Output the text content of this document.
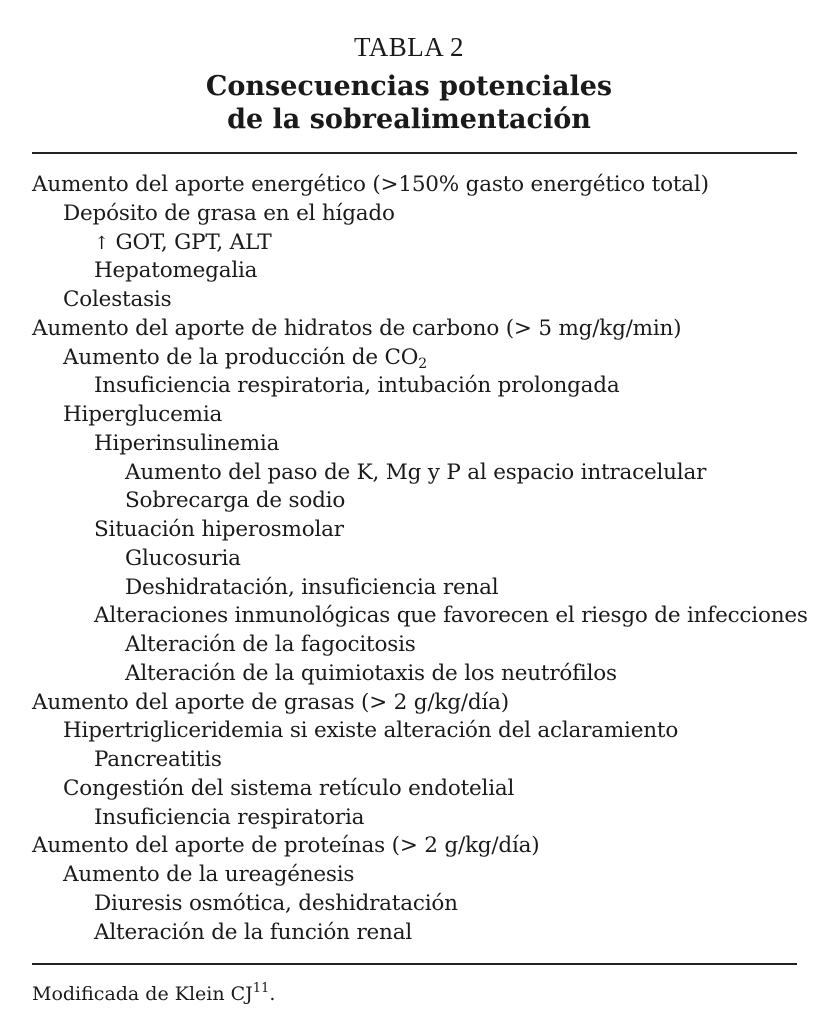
TABLA 2
Consecuencias potenciales
de la sobrealimentación
Aumento del aporte energético (>150% gasto energético total)
Depósito de grasa en el hígado
↑ GOT, GPT, ALT
Hepatomegalia
Colestasis
Aumento del aporte de hidratos de carbono (> 5 mg/kg/min)
Aumento de la producción de $CO_2$
Insuficiencia respiratoria, intubación prolongada
Hiperglucemia
Hiperinsulinemia
Aumento del paso de K, Mg y P al espacio intracelular
Sobrecarga de sodio
Situación hiperosmolar
Glucosuria
Deshidratación, insuficiencia renal
Alteraciones inmunológicas que favorecen el riesgo de infecciones
Alteración de la fagocitosis
Alteración de la quimiotaxis de los neutrófilos
Aumento del aporte de grasas (> 2 g/kg/día)
Hipertrigliceridemia si existe alteración del aclaramiento
Pancreatitis
Congestión del sistema retículo endotelial
Insuficiencia respiratoria
Aumento del aporte de proteínas (> 2 g/kg/día)
Aumento de la ureagénesis
Diuresis osmótica, deshidratación
Alteración de la función renal
Modificada de Klein CJ$^{11}$.
